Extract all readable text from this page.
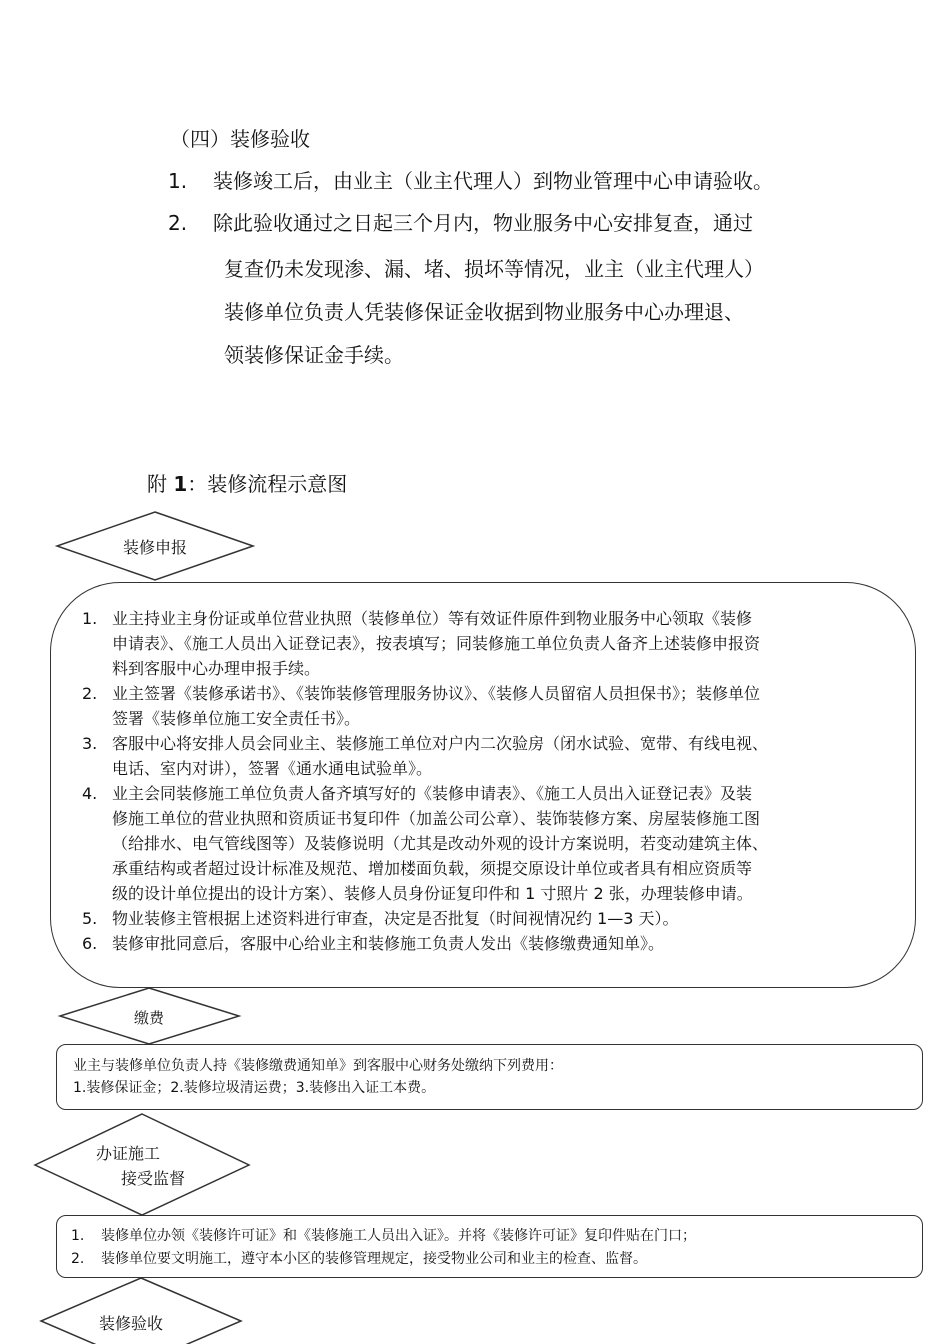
（四）装修验收
1. 装修竣工后，由业主（业主代理人）到物业管理中心申请验收。
2. 除此验收通过之日起三个月内，物业服务中心安排复查，通过
复查仍未发现渗、漏、堵、损坏等情况，业主（业主代理人）
装修单位负责人凭装修保证金收据到物业服务中心办理退、
领装修保证金手续。
附 1：装修流程示意图
装修申报
1. 业主持业主身份证或单位营业执照（装修单位）等有效证件原件到物业服务中心领取《装修
申请表》、《施工人员出入证登记表》，按表填写；同装修施工单位负责人备齐上述装修申报资
料到客服中心办理申报手续。
2. 业主签署《装修承诺书》、《装饰装修管理服务协议》、《装修人员留宿人员担保书》；装修单位
签署《装修单位施工安全责任书》。
3. 客服中心将安排人员会同业主、装修施工单位对户内二次验房（闭水试验、宽带、有线电视、
电话、室内对讲），签署《通水通电试验单》。
4. 业主会同装修施工单位负责人备齐填写好的《装修申请表》、《施工人员出入证登记表》及装
修施工单位的营业执照和资质证书复印件（加盖公司公章）、装饰装修方案、房屋装修施工图
（给排水、电气管线图等）及装修说明（尤其是改动外观的设计方案说明，若变动建筑主体、
承重结构或者超过设计标准及规范、增加楼面负载，须提交原设计单位或者具有相应资质等
级的设计单位提出的设计方案）、装修人员身份证复印件和 1 寸照片 2 张，办理装修申请。
5. 物业装修主管根据上述资料进行审查，决定是否批复（时间视情况约 1—3 天）。
6. 装修审批同意后，客服中心给业主和装修施工负责人发出《装修缴费通知单》。
缴费
业主与装修单位负责人持《装修缴费通知单》到客服中心财务处缴纳下列费用：
1.装修保证金；2.装修垃圾清运费；3.装修出入证工本费。
办证施工
接受监督
1. 装修单位办领《装修许可证》和《装修施工人员出入证》。并将《装修许可证》复印件贴在门口；
2. 装修单位要文明施工，遵守本小区的装修管理规定，接受物业公司和业主的检查、监督。
装修验收
